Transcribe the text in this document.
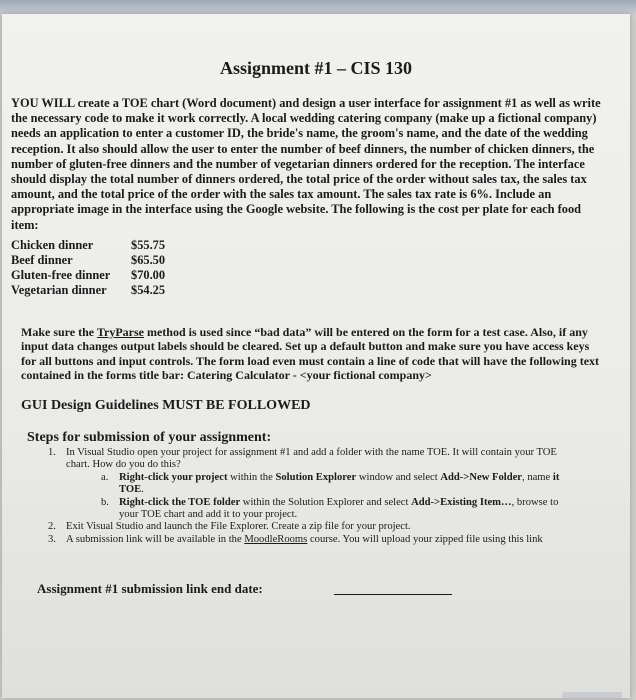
Assignment #1 – CIS 130

YOU WILL create a TOE chart (Word document) and design a user interface for assignment #1 as well as write the necessary code to make it work correctly. A local wedding catering company (make up a fictional company) needs an application to enter a customer ID, the bride's name, the groom's name, and the date of the wedding reception. It also should allow the user to enter the number of beef dinners, the number of chicken dinners, the number of gluten-free dinners and the number of vegetarian dinners ordered for the reception. The interface should display the total number of dinners ordered, the total price of the order without sales tax, the sales tax amount, and the total price of the order with the sales tax amount. The sales tax rate is 6%. Include an appropriate image in the interface using the Google website. The following is the cost per plate for each food item:

Chicken dinner	$55.75
Beef dinner	$65.50
Gluten-free dinner	$70.00
Vegetarian dinner	$54.25

Make sure the TryParse method is used since “bad data” will be entered on the form for a test case. Also, if any input data changes output labels should be cleared. Set up a default button and make sure you have access keys for all buttons and input controls. The form load even must contain a line of code that will have the following text contained in the forms title bar: Catering Calculator - <your fictional company>

GUI Design Guidelines MUST BE FOLLOWED
Steps for submission of your assignment:
1. In Visual Studio open your project for assignment #1 and add a folder with the name TOE. It will contain your TOE chart. How do you do this?
a. Right-click your project within the Solution Explorer window and select Add->New Folder, name it TOE.
b. Right-click the TOE folder within the Solution Explorer and select Add->Existing Item…, browse to your TOE chart and add it to your project.
2. Exit Visual Studio and launch the File Explorer. Create a zip file for your project.
3. A submission link will be available in the MoodleRooms course. You will upload your zipped file using this link

Assignment #1 submission link end date:
